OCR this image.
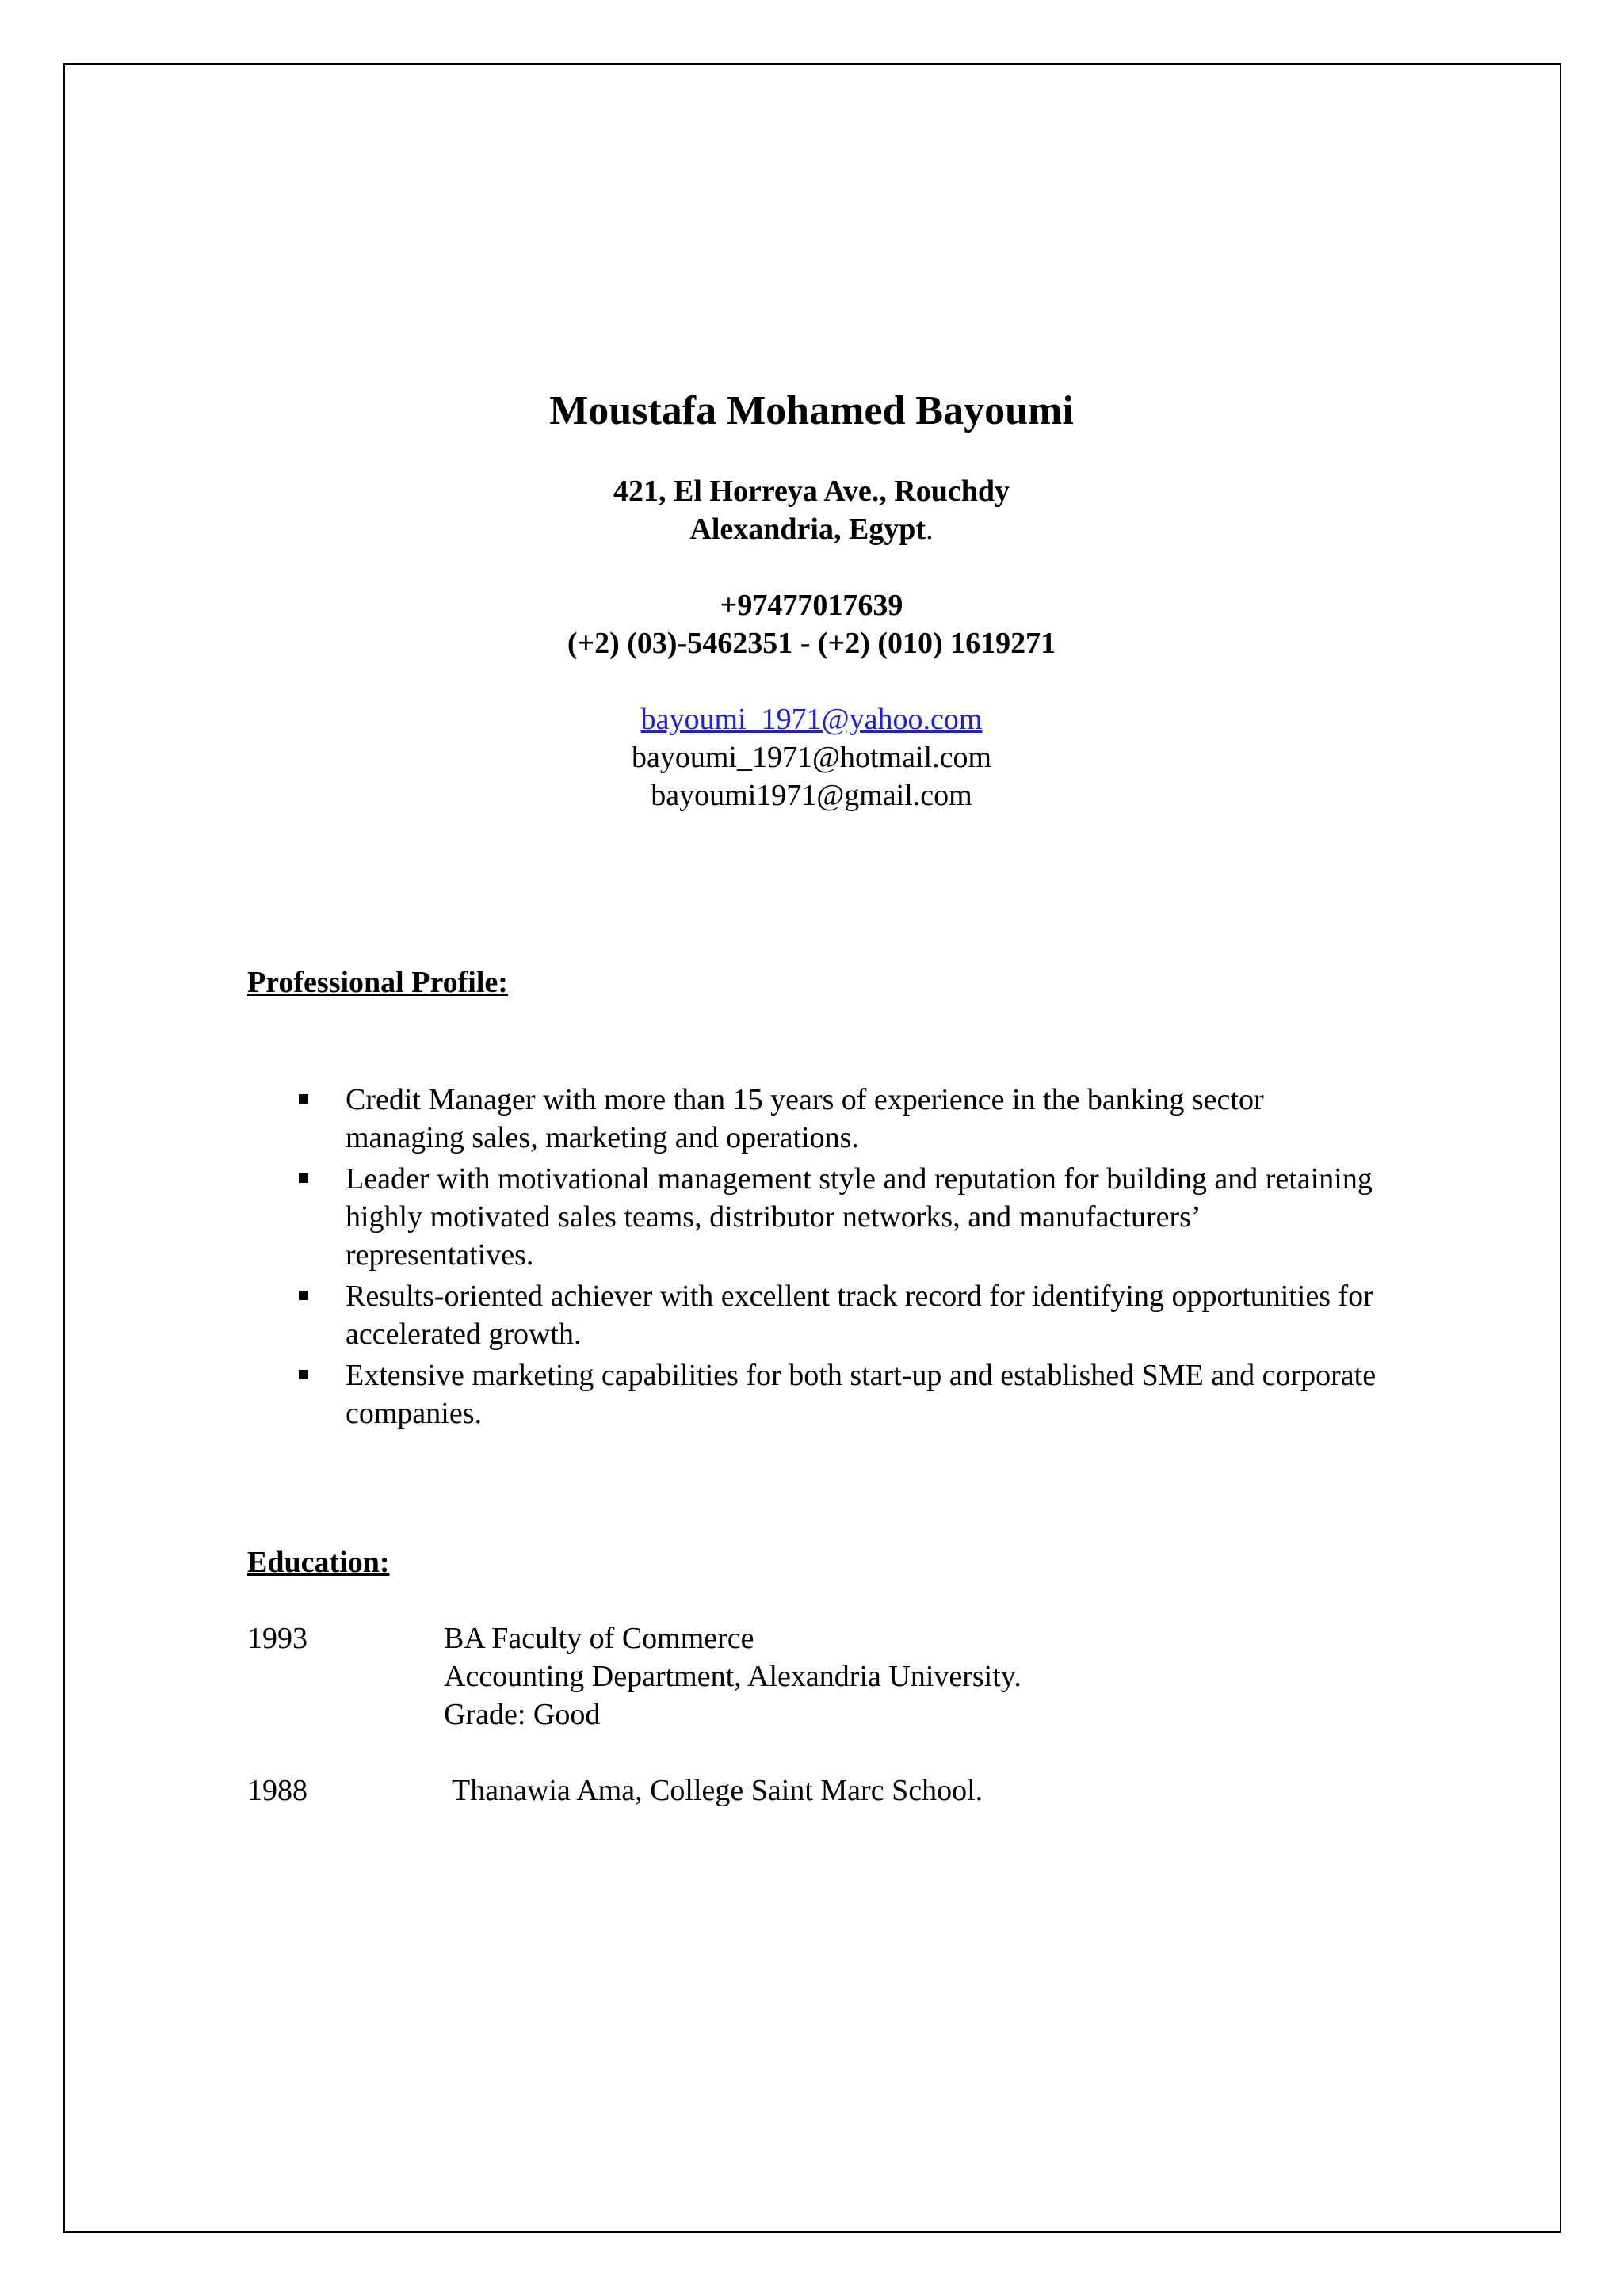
Moustafa Mohamed Bayoumi
421, El Horreya Ave., Rouchdy
Alexandria, Egypt.
+97477017639
(+2) (03)-5462351 - (+2) (010) 1619271
bayoumi_1971@yahoo.com
bayoumi_1971@hotmail.com
bayoumi1971@gmail.com
Professional Profile:
Credit Manager with more than 15 years of experience in the banking sector managing sales, marketing and operations.
Leader with motivational management style and reputation for building and retaining highly motivated sales teams, distributor networks, and manufacturers’ representatives.
Results-oriented achiever with excellent track record for identifying opportunities for accelerated growth.
Extensive marketing capabilities for both start-up and established SME and corporate companies.
Education:
1993	BA Faculty of Commerce
Accounting Department, Alexandria University.
Grade: Good
1988	Thanawia Ama, College Saint Marc School.
